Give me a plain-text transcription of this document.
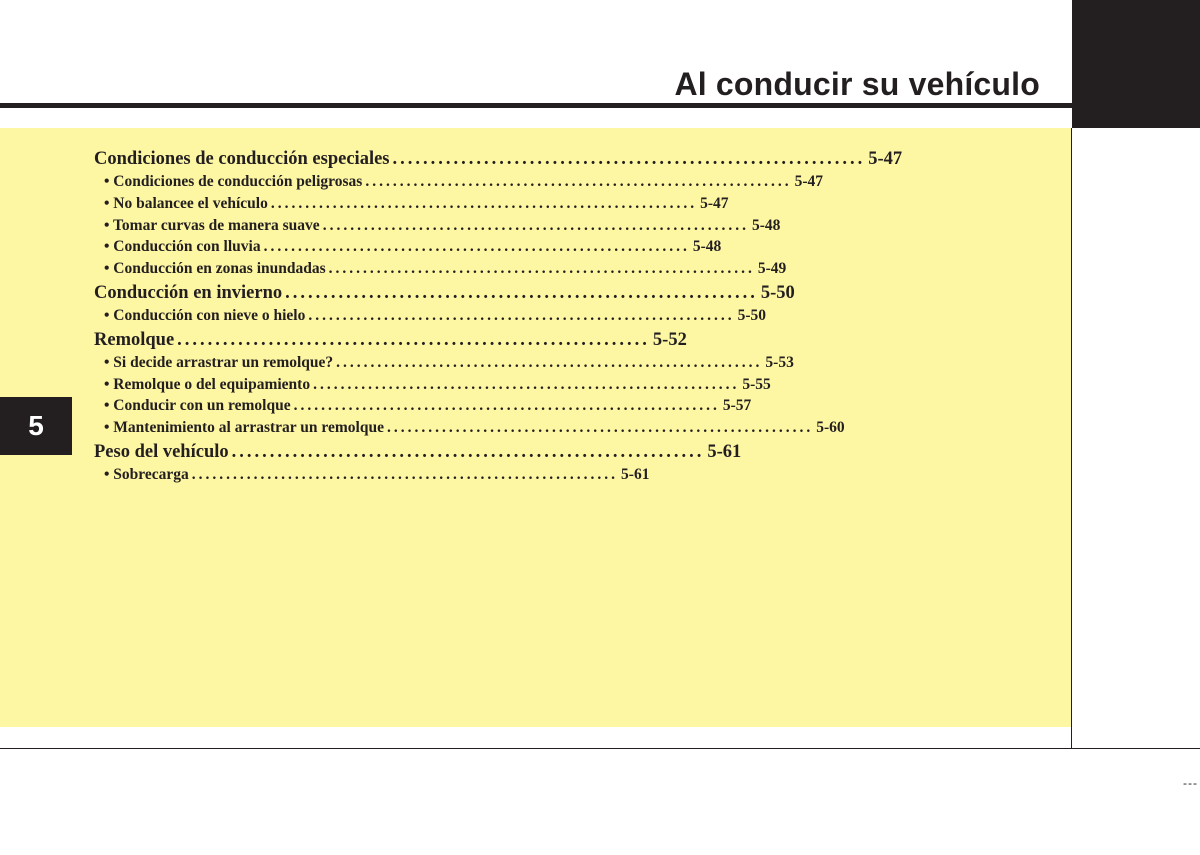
Al conducir su vehículo
5
---
Condiciones de conducción especiales .............................................................. 5-47
• Condiciones de conducción peligrosas .............................................................. 5-47
• No balancee el vehículo .............................................................. 5-47
• Tomar curvas de manera suave .............................................................. 5-48
• Conducción con lluvia .............................................................. 5-48
• Conducción en zonas inundadas .............................................................. 5-49
Conducción en invierno .............................................................. 5-50
• Conducción con nieve o hielo .............................................................. 5-50
Remolque .............................................................. 5-52
• Si decide arrastrar un remolque? .............................................................. 5-53
• Remolque o del equipamiento .............................................................. 5-55
• Conducir con un remolque .............................................................. 5-57
• Mantenimiento al arrastrar un remolque .............................................................. 5-60
Peso del vehículo .............................................................. 5-61
• Sobrecarga .............................................................. 5-61
